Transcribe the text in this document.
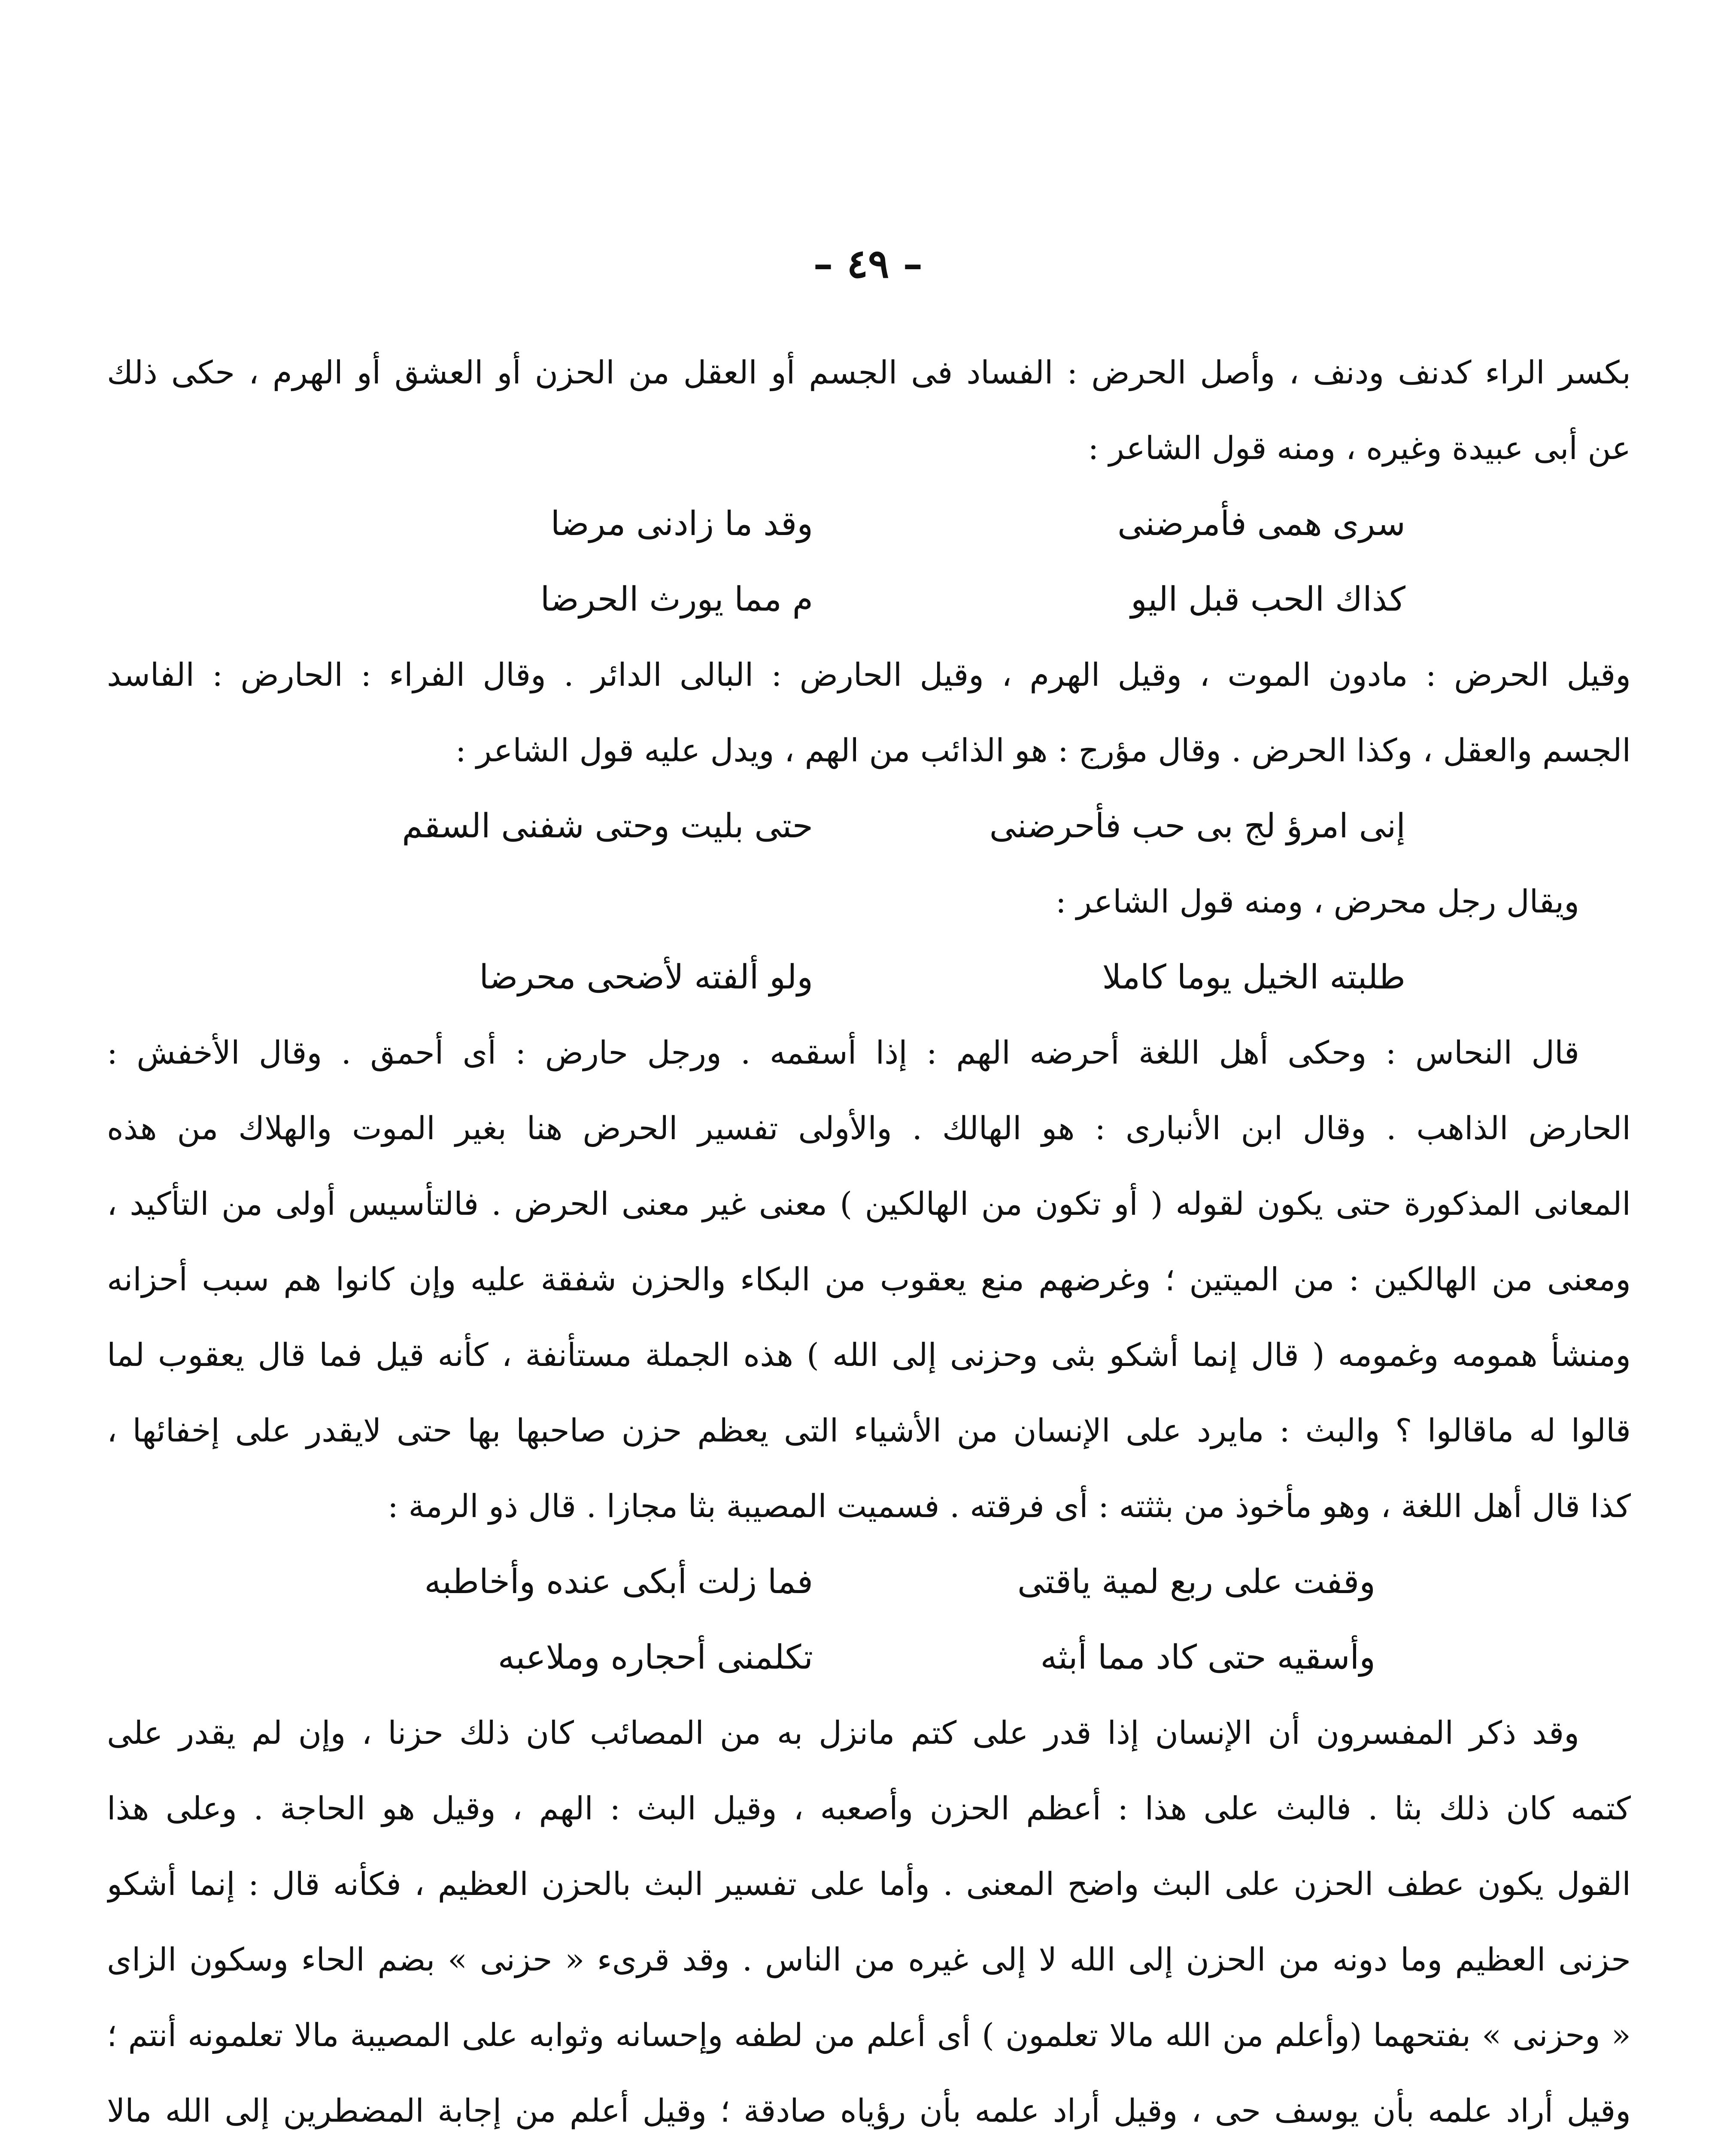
– ٤٩ –
بكسر الراء كدنف ودنف ، وأصل الحرض : الفساد فى الجسم أو العقل من الحزن أو العشق أو الهرم ، حكى ذلك
عن أبى عبيدة وغيره ، ومنه قول الشاعر :
سرى همى فأمرضنى
وقد ما زادنى مرضا
كذاك الحب قبل اليو
م مما يورث الحرضا
وقيل الحرض : مادون الموت ، وقيل الهرم ، وقيل الحارض : البالى الدائر . وقال الفراء : الحارض : الفاسد
الجسم والعقل ، وكذا الحرض . وقال مؤرج : هو الذائب من الهم ، ويدل عليه قول الشاعر :
إنى امرؤ لج بى حب فأحرضنى
حتى بليت وحتى شفنى السقم
ويقال رجل محرض ، ومنه قول الشاعر :
طلبته الخيل يوما كاملا
ولو ألفته لأضحى محرضا
قال النحاس : وحكى أهل اللغة أحرضه الهم : إذا أسقمه . ورجل حارض : أى أحمق . وقال الأخفش :
الحارض الذاهب . وقال ابن الأنبارى : هو الهالك . والأولى تفسير الحرض هنا بغير الموت والهلاك من هذه
المعانى المذكورة حتى يكون لقوله ( أو تكون من الهالكين ) معنى غير معنى الحرض . فالتأسيس أولى من التأكيد ،
ومعنى من الهالكين : من الميتين ؛ وغرضهم منع يعقوب من البكاء والحزن شفقة عليه وإن كانوا هم سبب أحزانه
ومنشأ همومه وغمومه ( قال إنما أشكو بثى وحزنى إلى الله ) هذه الجملة مستأنفة ، كأنه قيل فما قال يعقوب لما
قالوا له ماقالوا ؟ والبث : مايرد على الإنسان من الأشياء التى يعظم حزن صاحبها بها حتى لايقدر على إخفائها ،
كذا قال أهل اللغة ، وهو مأخوذ من بثثته : أى فرقته . فسميت المصيبة بثا مجازا . قال ذو الرمة :
وقفت على ربع لمية ياقتى
فما زلت أبكى عنده وأخاطبه
وأسقيه حتى كاد مما أبثه
تكلمنى أحجاره وملاعبه
وقد ذكر المفسرون أن الإنسان إذا قدر على كتم مانزل به من المصائب كان ذلك حزنا ، وإن لم يقدر على
كتمه كان ذلك بثا . فالبث على هذا : أعظم الحزن وأصعبه ، وقيل البث : الهم ، وقيل هو الحاجة . وعلى هذا
القول يكون عطف الحزن على البث واضح المعنى . وأما على تفسير البث بالحزن العظيم ، فكأنه قال : إنما أشكو
حزنى العظيم وما دونه من الحزن إلى الله لا إلى غيره من الناس . وقد قرىء « حزنى » بضم الحاء وسكون الزاى
« وحزنى » بفتحهما (وأعلم من الله مالا تعلمون ) أى أعلم من لطفه وإحسانه وثوابه على المصيبة مالا تعلمونه أنتم ؛
وقيل أراد علمه بأن يوسف حى ، وقيل أراد علمه بأن رؤياه صادقة ؛ وقيل أعلم من إجابة المضطرين إلى الله مالا
